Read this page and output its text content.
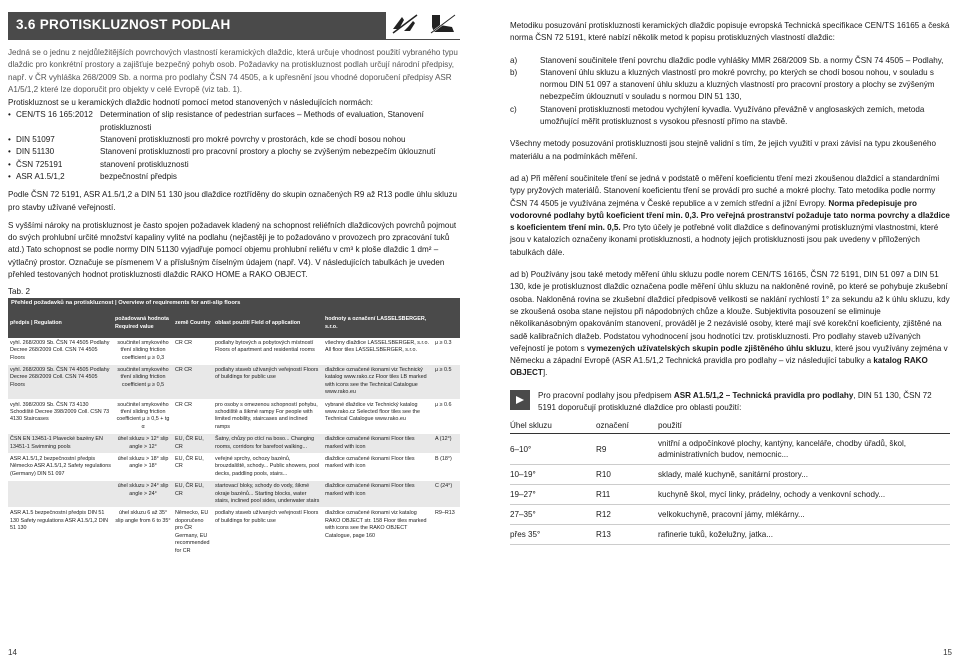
3.6 PROTISKLUZNOST PODLAH

Jedná se o jednu z nejdůležitějších povrchových vlastností keramických dlaždic, která určuje vhodnost použití vybraného typu dlaždic pro konkrétní prostory a zajišťuje bezpečný pohyb osob. Požadavky na protiskluznost podlah určují národní předpisy, např. v ČR vyhláška 268/2009 Sb. a norma pro podlahy ČSN 74 4505, a k upřesnění jsou vhodné doporučení předpisy ASR A1/5/1,2 které lze doporučit pro objekty v celé Evropě (viz tab. 1).

Protiskluznost se u keramických dlaždic hodnotí pomocí metod stanovených v následujících normách:

• CEN/TS 16 165:2012 Determination of slip resistance of pedestrian surfaces – Methods of evaluation, Stanovení protiskluznosti
• DIN 51097	Stanovení protiskluznosti pro mokré povrchy v prostorách, kde se chodí bosou nohou
• DIN 51130	Stanovení protiskluznosti pro pracovní prostory a plochy se zvýšeným nebezpečím úklouznutí
• ČSN 725191	stanovení protiskluznosti
• ASR A1.5/1,2	bezpečnostní předpis

Podle ČSN 72 5191, ASR A1.5/1,2 a DIN 51 130 jsou dlaždice roztříděny do skupin označených R9 až R13 podle úhlu skluzu pro stavby užívané veřejností.

S vyššími nároky na protiskluznost je často spojen požadavek kladený na schopnost reliéfních dlaždicových povrchů pojmout do svých prohlubní určité množství kapaliny vylité na podlahu (nejčastěji je to požadováno v provozech pro zpracování tuků atd.) Tato schopnost se podle normy DIN 51130 vyjadřuje pomocí objemu prohlubní reliéfu v cm³ k ploše dlaždic 1 dm² – výtlačný prostor. Označuje se písmenem V a příslušným číselným údajem (např. V4). V následujících tabulkách je uveden přehled testovaných hodnot protiskluznosti dlaždic RAKO HOME a RAKO OBJECT.

Tab. 2

Přehled požadavků na protiskluznost | Overview of requirements for anti-slip floors
předpis | Regulation	požadovaná hodnota Required value	země Country	oblast použití Field of application	hodnoty a označení LASSELSBERGER, s.r.o.	
vyhl. 268/2009 Sb. ČSN 74 4505 Podlahy Decree 268/2009 Coll. CSN 74 4505 Floors	součinitel smykového tření sliding friction coefficient μ ≥ 0,3	CR CR	podlahy bytových a pobytových místností Floors of apartment and residential rooms	všechny dlaždice LASSELSBERGER, s.r.o. All floor tiles LASSELSBERGER, s.r.o.	μ ≥ 0.3
vyhl. 268/2009 Sb. ČSN 74 4505 Podlahy Decree 268/2009 Coll. CSN 74 4505 Floors	součinitel smykového tření sliding friction coefficient μ ≥ 0,5	CR CR	podlahy staveb užívaných veřejností Floors of buildings for public use	dlaždice označené ikonami viz Technický katalog www.rako.cz Floor tiles LB marked with icons see the Technical Catalogue www.rako.eu	μ ≥ 0.5
vyhl. 398/2009 Sb. ČSN 73 4130 Schodiště Decree 398/2009 Coll. CSN 73 4130 Staircases	součinitel smykového tření sliding friction coefficient μ ≥ 0,5 + tg α	CR CR	pro osoby s omezenou schopností pohybu, schodiště a šikmé rampy For people with limited mobility, staircases and inclined ramps	vybrané dlaždice viz Technický katalog www.rako.cz Selected floor tiles see the Technical Catalogue www.rako.eu	μ ≥ 0.6
ČSN EN 13451-1 Plavecké bazény EN 13451-1 Swimming pools	úhel skluzu > 12° slip angle > 12°	EU, ČR EU, CR	Šatny, chůzy po ctící na boso... Changing rooms, corridors for barefoot walking...	dlaždice označené ikonami Floor tiles marked with icon	A (12°)
ASR A1.5/1,2 bezpečnostní předpis Německo ASR A1.5/1,2 Safety regulations (Germany) DIN 51 097	úhel skluzu > 18° slip angle > 18°	EU, ČR EU, CR	veřejné sprchy, ochozy bazénů, brouzdaliště, schody... Public showers, pool decks, paddling pools, stairs...	dlaždice označené ikonami Floor tiles marked with icon	B (18°)
	úhel skluzu > 24° slip angle > 24°	EU, ČR EU, CR	startovací bloky, schody do vody, šikmé okraje bazénů... Starting blocks, water stairs, inclined pool sides, underwater stairs	dlaždice označené ikonami Floor tiles marked with icon	C (24°)
ASR A1.5 bezpečnostní předpis DIN 51 130 Safety regulations ASR A1.5/1,2 DIN 51 130	úhel skluzu 6 až 35° slip angle from 6 to 35°	Německo, EU doporučeno pro ČR Germany, EU recommended for CR	podlahy staveb užívaných veřejností Floors of buildings for public use	dlaždice označené ikonami viz katalog RAKO OBJECT str. 158 Floor tiles marked with icons see the RAKO OBJECT Catalogue, page 160	R9–R13
14

Metodiku posuzování protiskluznosti keramických dlaždic popisuje evropská Technická specifikace CEN/TS 16165 a česká norma ČSN 72 5191, které nabízí několik metod k popisu protiskluzných vlastností dlaždic:

a)	Stanovení součinitele tření povrchu dlaždic podle vyhlášky MMR 268/2009 Sb. a normy ČSN 74 4505 – Podlahy,
b)	Stanovení úhlu skluzu a kluzných vlastností pro mokré povrchy, po kterých se chodí bosou nohou, v souladu s normou DIN 51 097 a stanovení úhlu skluzu a kluzných vlastností pro pracovní prostory a plochy se zvýšeným nebezpečím úklouznutí v souladu s normou DIN 51 130,
c)	Stanovení protiskluznosti metodou vychýlení kyvadla. Využíváno převážně v anglosaských zemích, metoda umožňující měřit protiskluznost s vysokou přesností přímo na stavbě.

Všechny metody posuzování protiskluznosti jsou stejně validní s tím, že jejich využití v praxi závisí na typu zkoušeného materiálu a na podmínkách měření.

ad a) Při měření součinitele tření se jedná v podstatě o měření koeficientu tření mezi zkoušenou dlaždicí a standardními typy pryžových materiálů. Stanovení koeficientu tření se provádí pro suché a mokré plochy. Tato metodika podle normy ČSN 74 4505 je využívána zejména v České republice a v zemích střední a jižní Evropy. Norma předepisuje pro vodorovné podlahy bytů koeficient tření min. 0,3. Pro veřejná prostranství požaduje tato norma povrchy a dlaždice s koeficientem tření min. 0,5. Pro tyto účely je potřebné volit dlaždice s definovanými protiskluznými vlastnostmi, které jsou v katalozích označeny ikonami protiskluznosti, a hodnoty jejich protiskluznosti jsou pak uvedeny v příložených tabulkách dále.

ad b) Používány jsou také metody měření úhlu skluzu podle norem CEN/TS 16165, ČSN 72 5191, DIN 51 097 a DIN 51 130, kde je protiskluznost dlaždic označena podle měření úhlu skluzu na nakloněné rovině, po které se pohybuje zkušební osoba. Nakloněná rovina se zkušební dlaždicí předpisově velikosti se naklání rychlostí 1° za sekundu až k úhlu skluzu, kdy se zkoušená osoba stane nejistou při nápodobných chůze a klouže. Subjektivita posouzení se eliminuje několikanásobným opakováním stanovení, prováděl je 2 nezávislé osoby, které mají své korekční koeficienty, zjištěné na sadě kalibračních dlažeb. Podstatou vyhodnocení jsou hodnotíci tzv. protiskluznosti. Pro podlahy staveb užívaných veřejností je potom s vymezených užívatelských skupin podle zjištěného úhlu skluzu, které jsou využívány zejména v Německu a západní Evropě (ASR A1.5/1,2 Technická pravidla pro podlahy – viz následující tabulky a katalog RAKO OBJECT].

Pro pracovní podlahy jsou předpisem ASR A1.5/1,2 – Technická pravidla pro podlahy, DIN 51 130, ČSN 72 5191 doporučují protiskluzné dlaždice pro oblasti použití:

Úhel skluzu	označení	použití
6–10°	R9	vnitřní a odpočínkové plochy, kantýny, kanceláře, chodby úřadů, škol, administrativních budov, nemocnic...
10–19°	R10	sklady, malé kuchyně, sanitární prostory...
19–27°	R11	kuchyně škol, mycí linky, prádelny, ochody a venkovní schody...
27–35°	R12	velkokuchyně, pracovní jámy, mlékárny...
přes 35°	R13	rafinerie tuků, koželužny, jatka...
15
